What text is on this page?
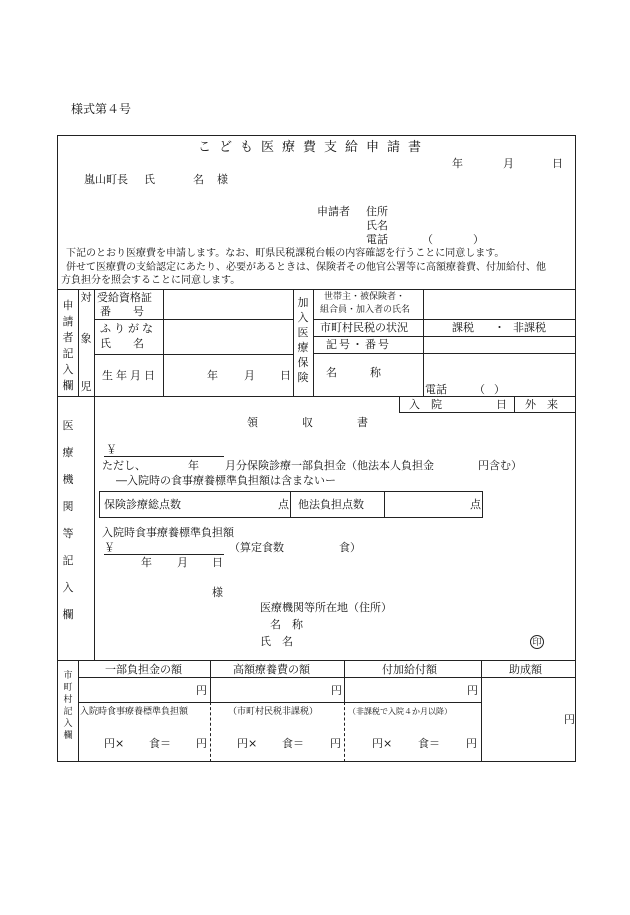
様式第４号
こども医療費支給申請書
年	月	日
嵐山町長 氏	名 様
申請者 住所
氏名
電話	（	）
下記のとおり医療費を申請します。なお、町県民税課税台帳の内容確認を行うことに同意します。
併せて医療費の支給認定にあたり、必要があるときは、保険者その他官公署等に高額療養費、付加給付、他
方負担分を照会することに同意します。
申
請
者
記
入
欄
対
象
児
受給資格証
番　　号
ふりがな
氏　　名
生年月日	年 月 日
加
入
医
療
保
険
世帯主・被保険者・
組合員・加入者の氏名
市町村民税の状況	課税 ・ 非課税
記号・番号
名　　　称
電話 （ ）
医
療
機
関
等
記
入
欄
入　院	日 外　来
領　　　　収　　　　書
￥
ただし、	年 月分保険診療一部負担金（他法本人負担金　　　　円含む）
―入院時の食事療養標準負担額は含まないー
保険診療総点数	点 他法負担点数	点
入院時食事療養標準負担額
￥	（算定食数　　　　　食）
年 月 日
様
医療機関等所在地（住所）
名　称
氏　名	印
市
町
村
記
入
欄
一部負担金の額	高額療養費の額	付加給付額	助成額
円	円	円
円
入院時食事療養標準負担額	（市町村民税非課税）	（非課税で入院４か月以降）
円× 食＝ 円	円× 食＝ 円	円× 食＝ 円
